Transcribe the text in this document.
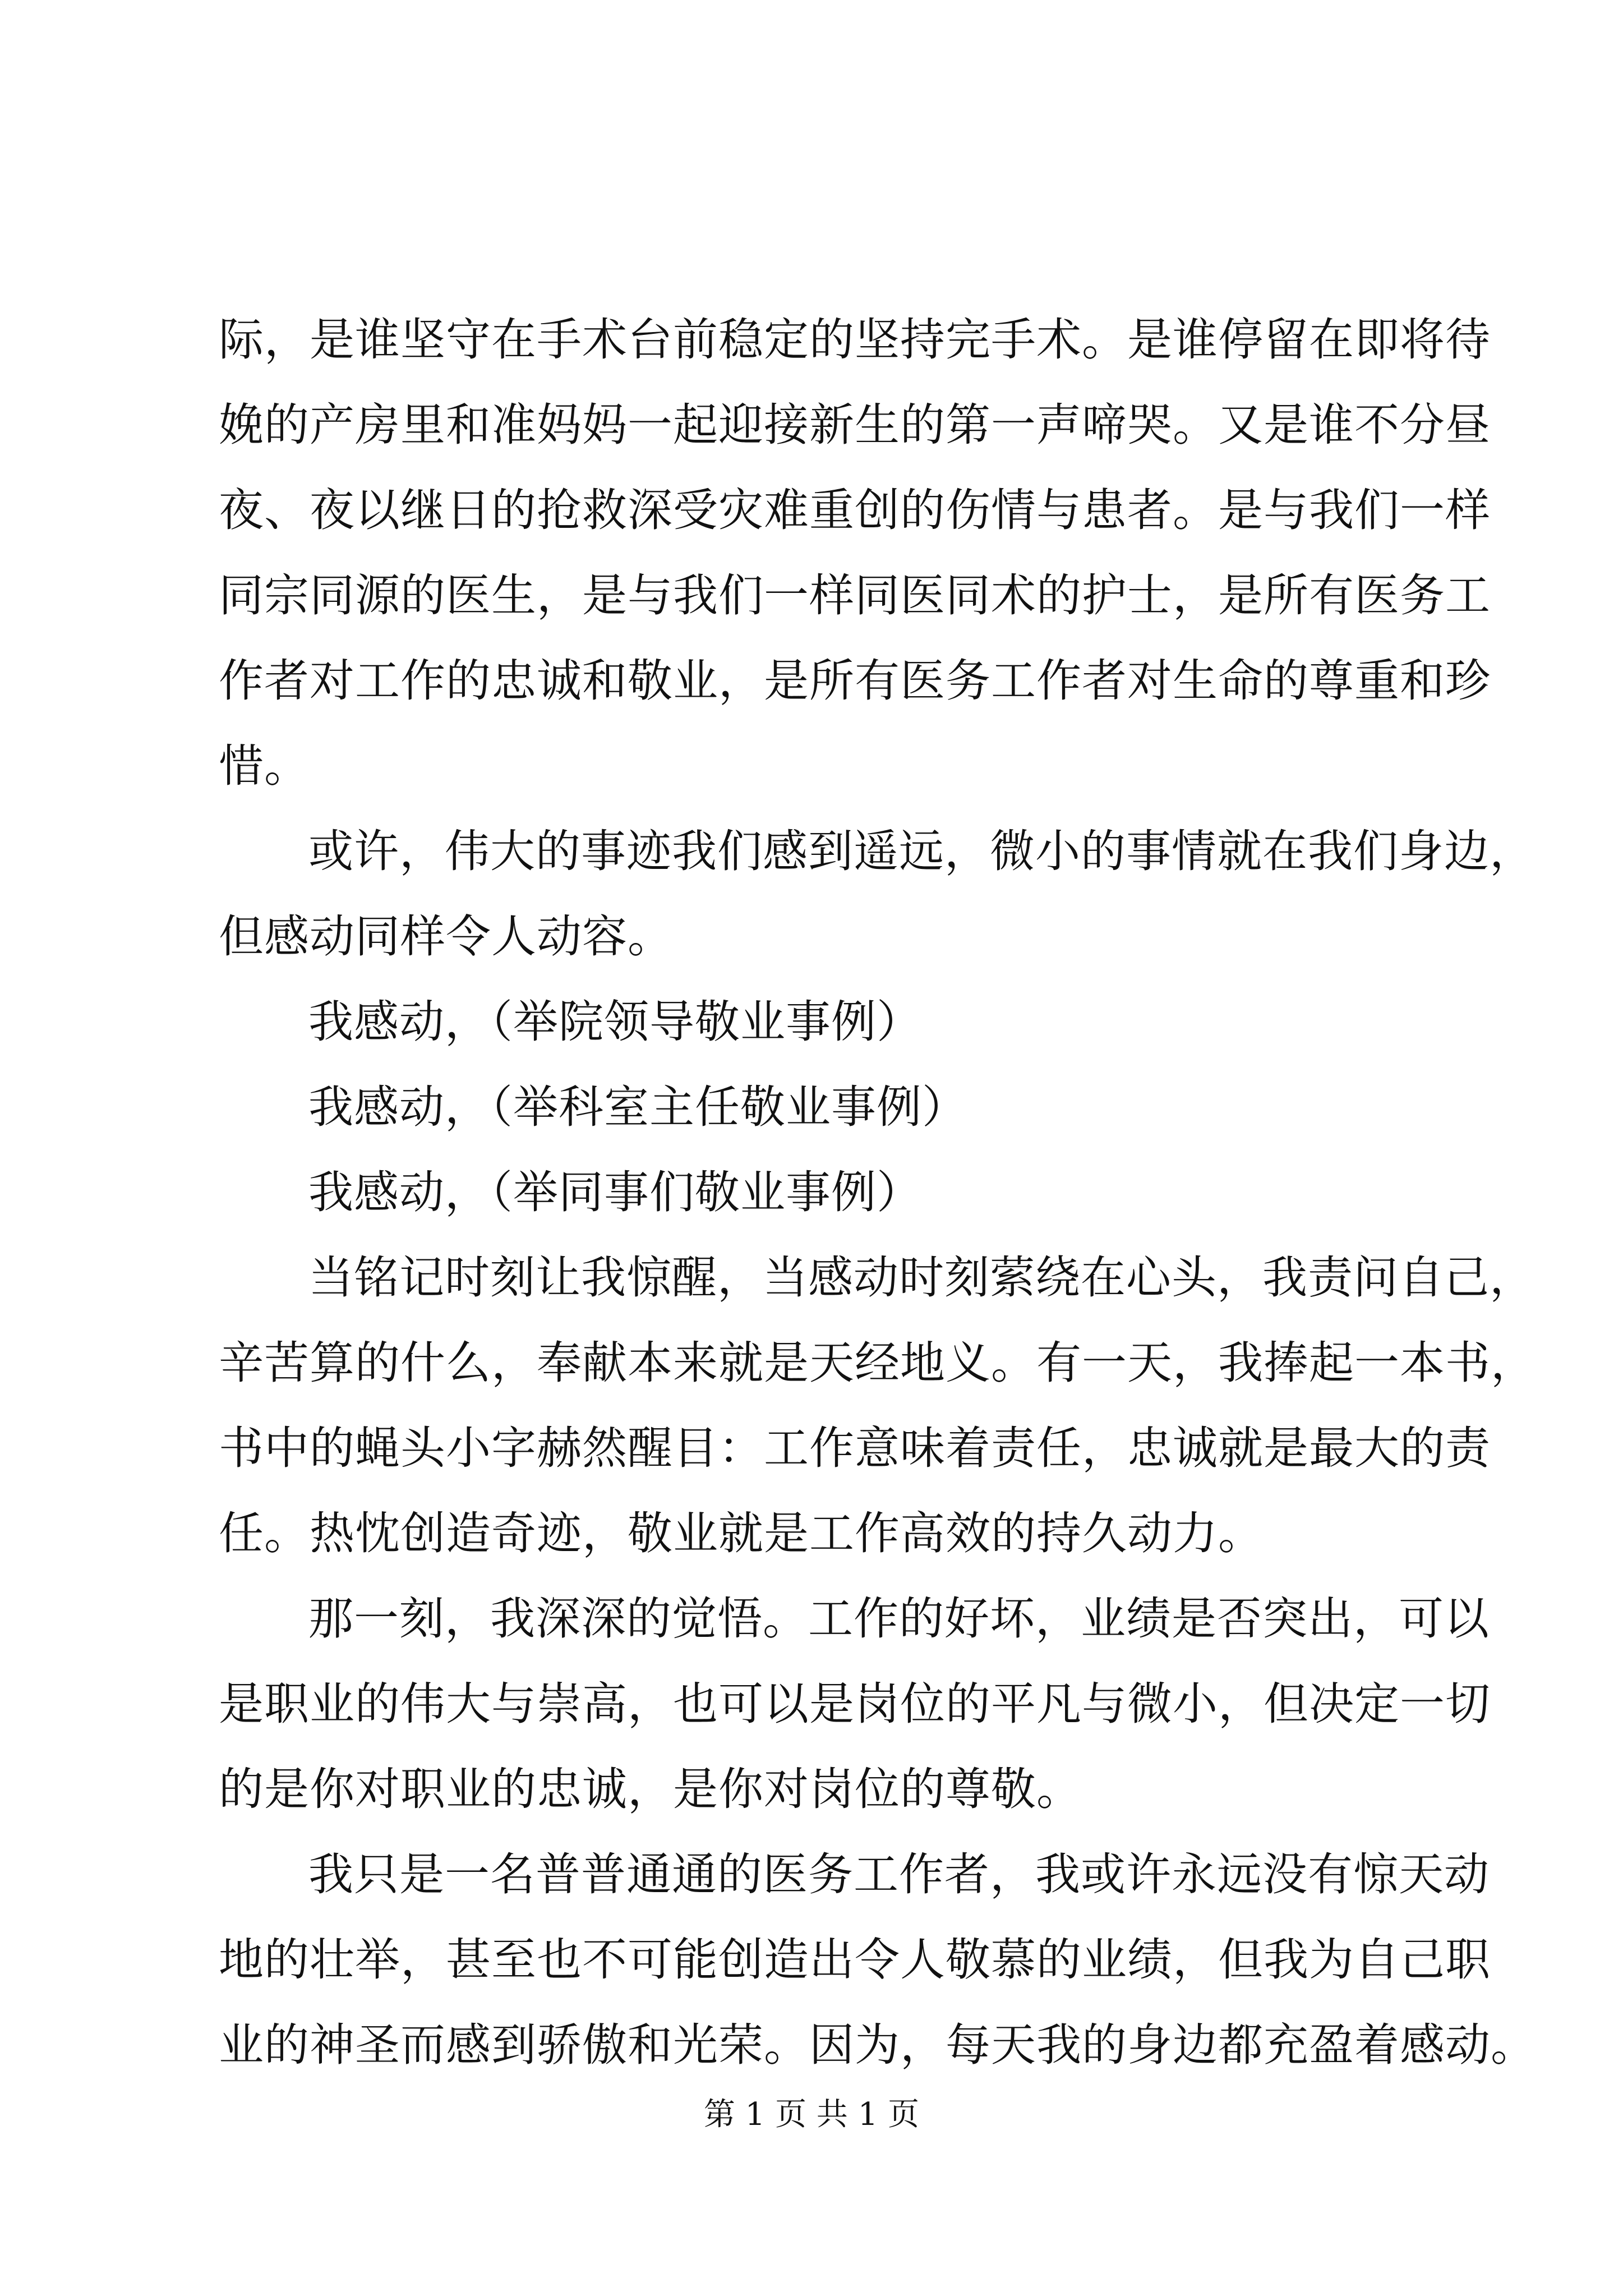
际，是谁坚守在手术台前稳定的坚持完手术。是谁停留在即将待
娩的产房里和准妈妈一起迎接新生的第一声啼哭。又是谁不分昼
夜、夜以继日的抢救深受灾难重创的伤情与患者。是与我们一样
同宗同源的医生，是与我们一样同医同术的护士，是所有医务工
作者对工作的忠诚和敬业，是所有医务工作者对生命的尊重和珍
惜。
或许，伟大的事迹我们感到遥远，微小的事情就在我们身边，
但感动同样令人动容。
我感动，（举院领导敬业事例）
我感动，（举科室主任敬业事例）
我感动，（举同事们敬业事例）
当铭记时刻让我惊醒，当感动时刻萦绕在心头，我责问自己，
辛苦算的什么，奉献本来就是天经地义。有一天，我捧起一本书，
书中的蝇头小字赫然醒目：工作意味着责任，忠诚就是最大的责
任。热忱创造奇迹，敬业就是工作高效的持久动力。
那一刻，我深深的觉悟。工作的好坏，业绩是否突出，可以
是职业的伟大与崇高，也可以是岗位的平凡与微小，但决定一切
的是你对职业的忠诚，是你对岗位的尊敬。
我只是一名普普通通的医务工作者，我或许永远没有惊天动
地的壮举，甚至也不可能创造出令人敬慕的业绩，但我为自己职
业的神圣而感到骄傲和光荣。因为，每天我的身边都充盈着感动。
第 1 页 共 1 页
